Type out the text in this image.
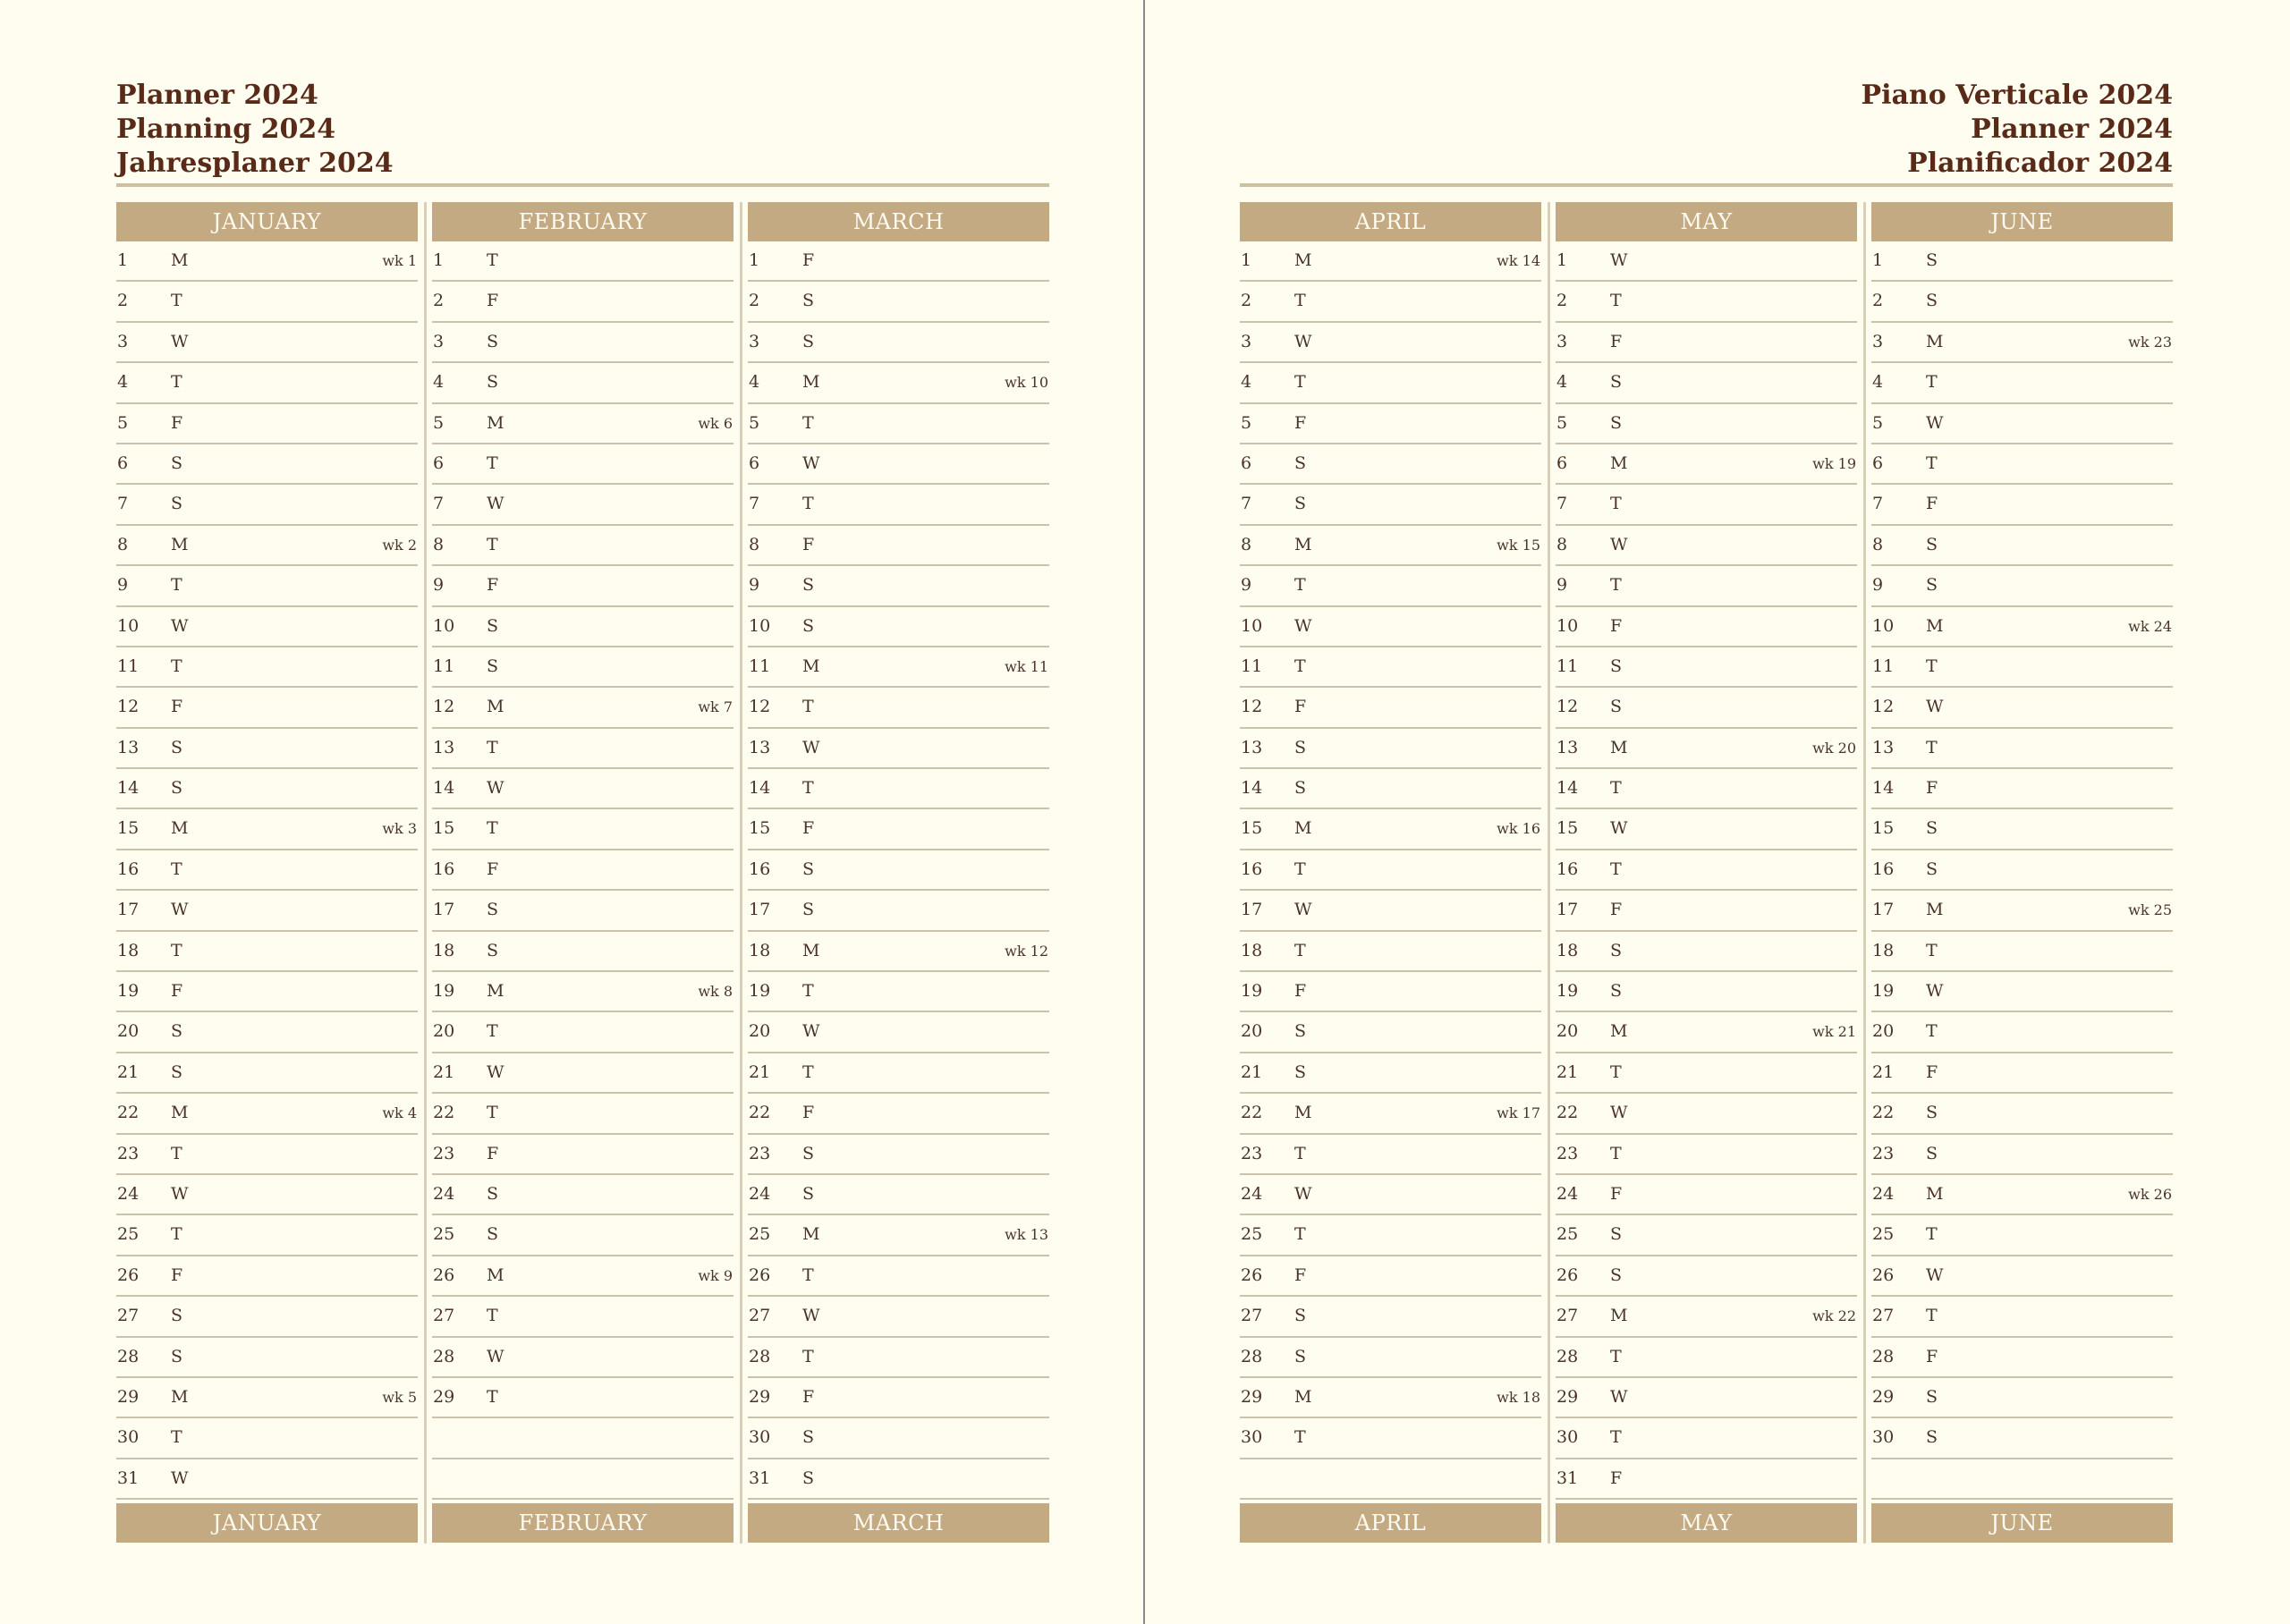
Planner 2024
Planning 2024
Jahresplaner 2024
JANUARY
1	M	wk 1
2	T
3	W
4	T
5	F
6	S
7	S
8	M	wk 2
9	T
10 W
11 T
12 F
13 S
14 S
15 M	wk 3
16 T
17 W
18 T
19 F
20 S
21 S
22 M	wk 4
23 T
24 W
25 T
26 F
27 S
28 S
29 M	wk 5
30 T
31 W
JANUARY
FEBRUARY
1	T
2	F
3	S
4	S
5	M	wk 6
6	T
7	W
8	T
9	F
10 S
11 S
12 M	wk 7
13 T
14 W
15 T
16 F
17 S
18 S
19 M	wk 8
20 T
21 W
22 T
23 F
24 S
25 S
26 M	wk 9
27 T
28 W
29 T
FEBRUARY
MARCH
1	F
2	S
3	S
4	M	wk 10
5	T
6	W
7	T
8	F
9	S
10 S
11 M	wk 11
12 T
13 W
14 T
15 F
16 S
17 S
18 M	wk 12
19 T
20 W
21 T
22 F
23 S
24 S
25 M	wk 13
26 T
27 W
28 T
29 F
30 S
31 S
MARCH
Piano Verticale 2024
Planner 2024
Planificador 2024
APRIL
1	M	wk 14
2	T
3	W
4	T
5	F
6	S
7	S
8	M	wk 15
9	T
10 W
11 T
12 F
13 S
14 S
15 M	wk 16
16 T
17 W
18 T
19 F
20 S
21 S
22 M	wk 17
23 T
24 W
25 T
26 F
27 S
28 S
29 M	wk 18
30 T
APRIL
MAY
1	W
2	T
3	F
4	S
5	S
6	M	wk 19
7	T
8	W
9	T
10 F
11 S
12 S
13 M	wk 20
14 T
15 W
16 T
17 F
18 S
19 S
20 M	wk 21
21 T
22 W
23 T
24 F
25 S
26 S
27 M	wk 22
28 T
29 W
30 T
31 F
MAY
JUNE
1	S
2	S
3	M	wk 23
4	T
5	W
6	T
7	F
8	S
9	S
10 M	wk 24
11 T
12 W
13 T
14 F
15 S
16 S
17 M	wk 25
18 T
19 W
20 T
21 F
22 S
23 S
24 M	wk 26
25 T
26 W
27 T
28 F
29 S
30 S
JUNE
